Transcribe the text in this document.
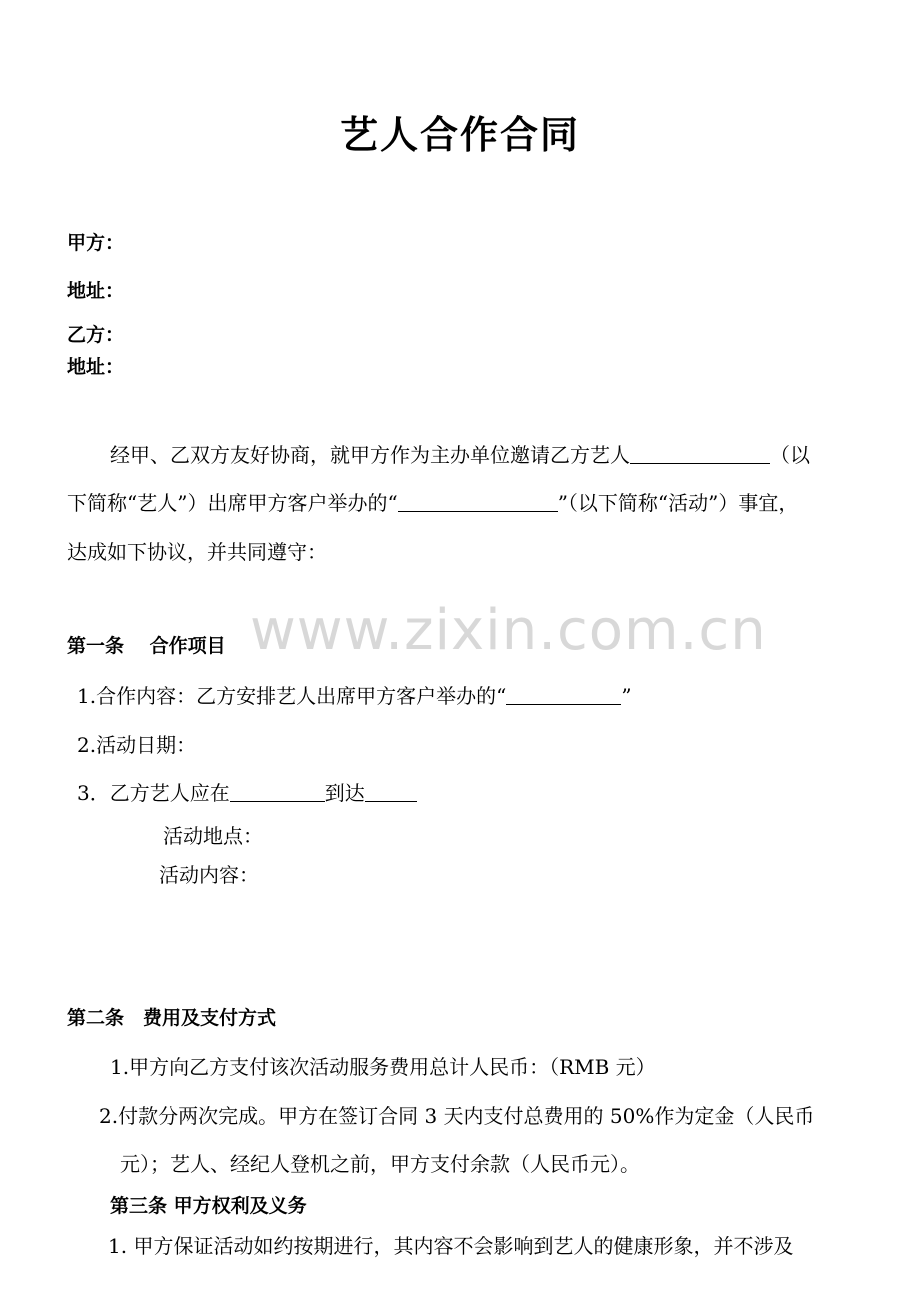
艺人合作合同
甲方：
地址：
乙方：
地址：
经甲、乙双方友好协商，就甲方作为主办单位邀请乙方艺人	（以
下简称“艺人”）出席甲方客户举办的“	”（以下简称“活动”）事宜，
达成如下协议，并共同遵守：
www.zixin.com.cn
第一条　 合作项目
1.合作内容：乙方安排艺人出席甲方客户举办的“	”
2.活动日期：
3．乙方艺人应在	到达
活动地点：
活动内容：
第二条　费用及支付方式
1.甲方向乙方支付该次活动服务费用总计人民币：（RMB 元）
2.付款分两次完成。甲方在签订合同 3 天内支付总费用的 50%作为定金（人民币
元）；艺人、经纪人登机之前，甲方支付余款（人民币元）。
第三条 甲方权利及义务
1. 甲方保证活动如约按期进行，其内容不会影响到艺人的健康形象，并不涉及
